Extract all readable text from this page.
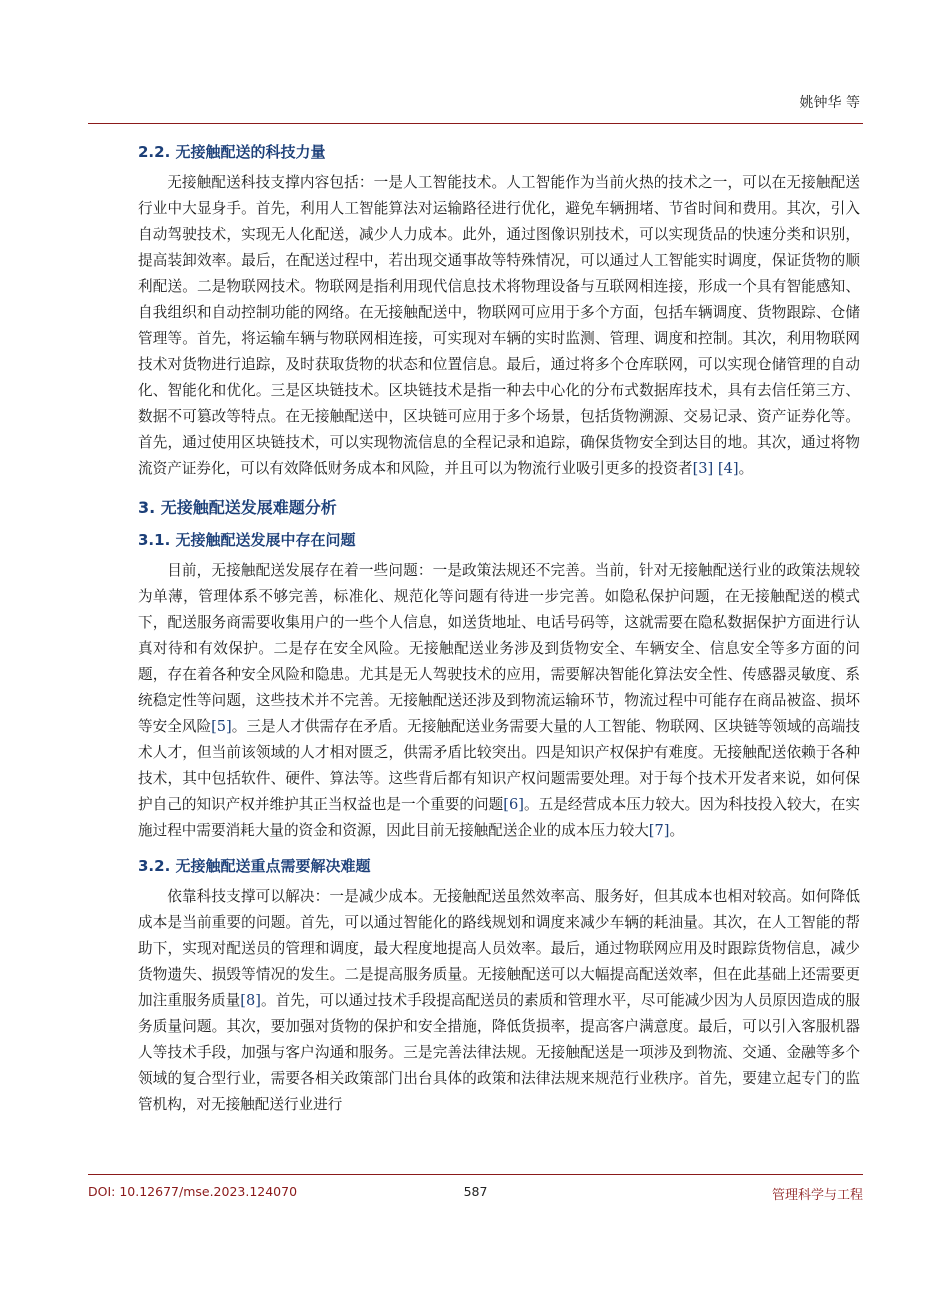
姚钟华 等
2.2. 无接触配送的科技力量

无接触配送科技支撑内容包括：一是人工智能技术。人工智能作为当前火热的技术之一，可以在无接触配送行业中大显身手。首先，利用人工智能算法对运输路径进行优化，避免车辆拥堵、节省时间和费用。其次，引入自动驾驶技术，实现无人化配送，减少人力成本。此外，通过图像识别技术，可以实现货品的快速分类和识别，提高装卸效率。最后，在配送过程中，若出现交通事故等特殊情况，可以通过人工智能实时调度，保证货物的顺利配送。二是物联网技术。物联网是指利用现代信息技术将物理设备与互联网相连接，形成一个具有智能感知、自我组织和自动控制功能的网络。在无接触配送中，物联网可应用于多个方面，包括车辆调度、货物跟踪、仓储管理等。首先，将运输车辆与物联网相连接，可实现对车辆的实时监测、管理、调度和控制。其次，利用物联网技术对货物进行追踪，及时获取货物的状态和位置信息。最后，通过将多个仓库联网，可以实现仓储管理的自动化、智能化和优化。三是区块链技术。区块链技术是指一种去中心化的分布式数据库技术，具有去信任第三方、数据不可篡改等特点。在无接触配送中，区块链可应用于多个场景，包括货物溯源、交易记录、资产证券化等。首先，通过使用区块链技术，可以实现物流信息的全程记录和追踪，确保货物安全到达目的地。其次，通过将物流资产证券化，可以有效降低财务成本和风险，并且可以为物流行业吸引更多的投资者[3] [4]。

3. 无接触配送发展难题分析
3.1. 无接触配送发展中存在问题

目前，无接触配送发展存在着一些问题：一是政策法规还不完善。当前，针对无接触配送行业的政策法规较为单薄，管理体系不够完善，标准化、规范化等问题有待进一步完善。如隐私保护问题，在无接触配送的模式下，配送服务商需要收集用户的一些个人信息，如送货地址、电话号码等，这就需要在隐私数据保护方面进行认真对待和有效保护。二是存在安全风险。无接触配送业务涉及到货物安全、车辆安全、信息安全等多方面的问题，存在着各种安全风险和隐患。尤其是无人驾驶技术的应用，需要解决智能化算法安全性、传感器灵敏度、系统稳定性等问题，这些技术并不完善。无接触配送还涉及到物流运输环节，物流过程中可能存在商品被盗、损坏等安全风险[5]。三是人才供需存在矛盾。无接触配送业务需要大量的人工智能、物联网、区块链等领域的高端技术人才，但当前该领域的人才相对匮乏，供需矛盾比较突出。四是知识产权保护有难度。无接触配送依赖于各种技术，其中包括软件、硬件、算法等。这些背后都有知识产权问题需要处理。对于每个技术开发者来说，如何保护自己的知识产权并维护其正当权益也是一个重要的问题[6]。五是经营成本压力较大。因为科技投入较大，在实施过程中需要消耗大量的资金和资源，因此目前无接触配送企业的成本压力较大[7]。

3.2. 无接触配送重点需要解决难题

依靠科技支撑可以解决：一是减少成本。无接触配送虽然效率高、服务好，但其成本也相对较高。如何降低成本是当前重要的问题。首先，可以通过智能化的路线规划和调度来减少车辆的耗油量。其次，在人工智能的帮助下，实现对配送员的管理和调度，最大程度地提高人员效率。最后，通过物联网应用及时跟踪货物信息，减少货物遗失、损毁等情况的发生。二是提高服务质量。无接触配送可以大幅提高配送效率，但在此基础上还需要更加注重服务质量[8]。首先，可以通过技术手段提高配送员的素质和管理水平，尽可能减少因为人员原因造成的服务质量问题。其次，要加强对货物的保护和安全措施，降低货损率，提高客户满意度。最后，可以引入客服机器人等技术手段，加强与客户沟通和服务。三是完善法律法规。无接触配送是一项涉及到物流、交通、金融等多个领域的复合型行业，需要各相关政策部门出台具体的政策和法律法规来规范行业秩序。首先，要建立起专门的监管机构，对无接触配送行业进行

DOI: 10.12677/mse.2023.124070	587	管理科学与工程
